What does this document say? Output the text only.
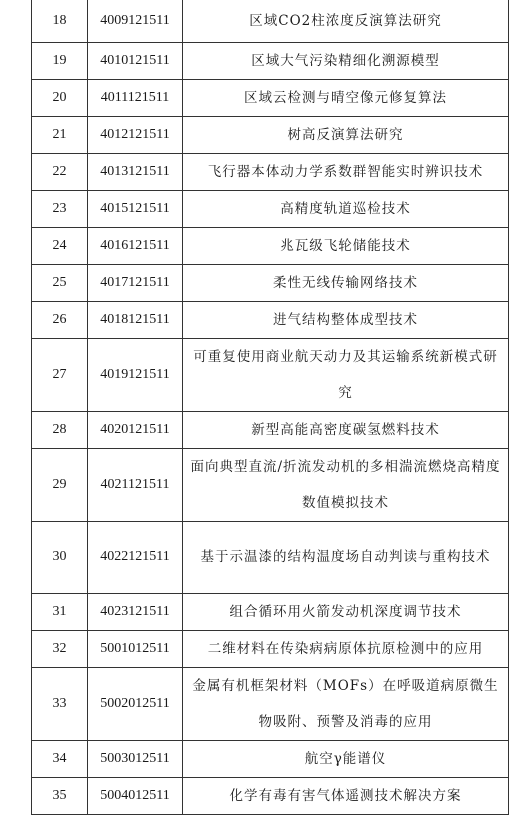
18	4009121511	区域CO2柱浓度反演算法研究
19	4010121511	区域大气污染精细化溯源模型
20	4011121511	区域云检测与晴空像元修复算法
21	4012121511	树高反演算法研究
22	4013121511	飞行器本体动力学系数群智能实时辨识技术
23	4015121511	高精度轨道巡检技术
24	4016121511	兆瓦级飞轮储能技术
25	4017121511	柔性无线传输网络技术
26	4018121511	进气结构整体成型技术
27	4019121511	可重复使用商业航天动力及其运输系统新模式研究
28	4020121511	新型高能高密度碳氢燃料技术
29	4021121511	面向典型直流/折流发动机的多相湍流燃烧高精度数值模拟技术
30	4022121511	基于示温漆的结构温度场自动判读与重构技术
31	4023121511	组合循环用火箭发动机深度调节技术
32	5001012511	二维材料在传染病病原体抗原检测中的应用
33	5002012511	金属有机框架材料（MOFs）在呼吸道病原微生物吸附、预警及消毒的应用
34	5003012511	航空γ能谱仪
35	5004012511	化学有毒有害气体遥测技术解决方案
